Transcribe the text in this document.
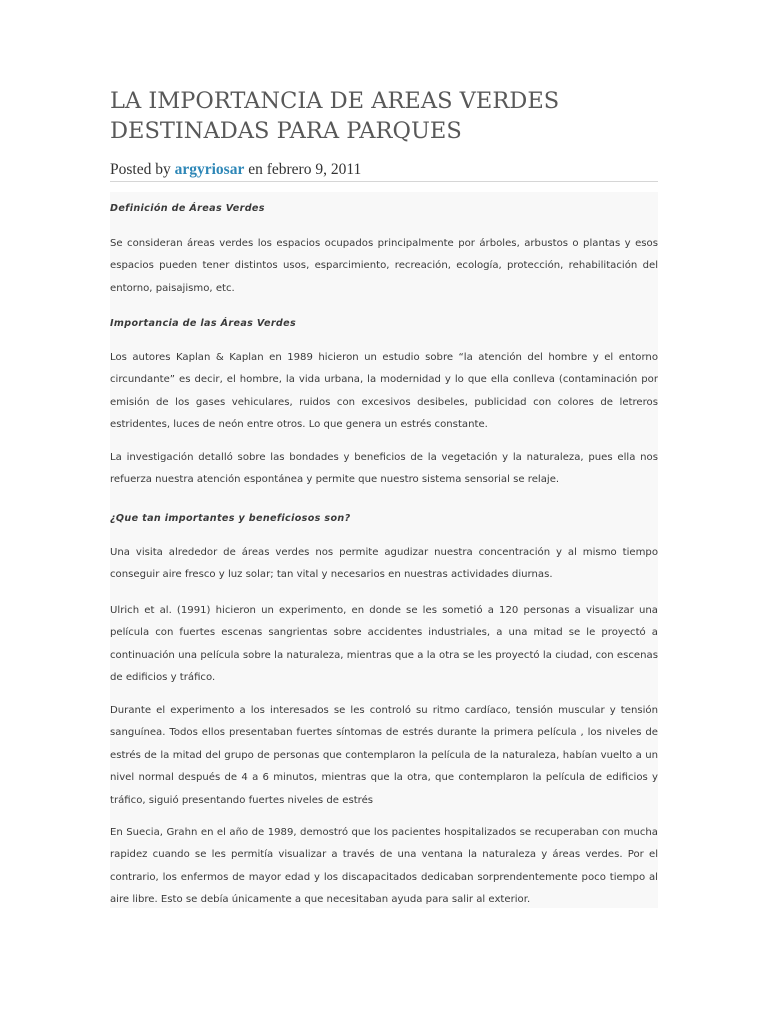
LA IMPORTANCIA DE AREAS VERDES DESTINADAS PARA PARQUES
Posted by argyriosar en febrero 9, 2011

Definición de Áreas Verdes

Se consideran áreas verdes los espacios ocupados principalmente por árboles, arbustos o plantas y esos espacios pueden tener distintos usos, esparcimiento, recreación, ecología, protección, rehabilitación del entorno, paisajismo, etc.

Importancia de las Áreas Verdes

Los autores Kaplan & Kaplan en 1989 hicieron un estudio sobre “la atención del hombre y el entorno circundante” es decir, el hombre, la vida urbana, la modernidad y lo que ella conlleva (contaminación por emisión de los gases vehiculares, ruidos con excesivos desibeles, publicidad con colores de letreros estridentes, luces de neón entre otros. Lo que genera un estrés constante.

La investigación detalló sobre las bondades y beneficios de la vegetación y la naturaleza, pues ella nos refuerza nuestra atención espontánea y permite que nuestro sistema sensorial se relaje.

¿Que tan importantes y beneficiosos son?

Una visita alrededor de áreas verdes nos permite agudizar nuestra concentración y al mismo tiempo conseguir aire fresco y luz solar; tan vital y necesarios en nuestras actividades diurnas.

Ulrich et al. (1991) hicieron un experimento, en donde se les sometió a 120 personas a visualizar una película con fuertes escenas sangrientas sobre accidentes industriales, a una mitad se le proyectó a continuación una película sobre la naturaleza, mientras que a la otra se les proyectó la ciudad, con escenas de edificios y tráfico.

Durante el experimento a los interesados se les controló su ritmo cardíaco, tensión muscular y tensión sanguínea. Todos ellos presentaban fuertes síntomas de estrés durante la primera película , los niveles de estrés de la mitad del grupo de personas que contemplaron la película de la naturaleza, habían vuelto a un nivel normal después de 4 a 6 minutos, mientras que la otra, que contemplaron la película de edificios y tráfico, siguió presentando fuertes niveles de estrés

En Suecia, Grahn en el año de 1989, demostró que los pacientes hospitalizados se recuperaban con mucha rapidez cuando se les permitía visualizar a través de una ventana la naturaleza y áreas verdes. Por el contrario, los enfermos de mayor edad y los discapacitados dedicaban sorprendentemente poco tiempo al aire libre. Esto se debía únicamente a que necesitaban ayuda para salir al exterior.
